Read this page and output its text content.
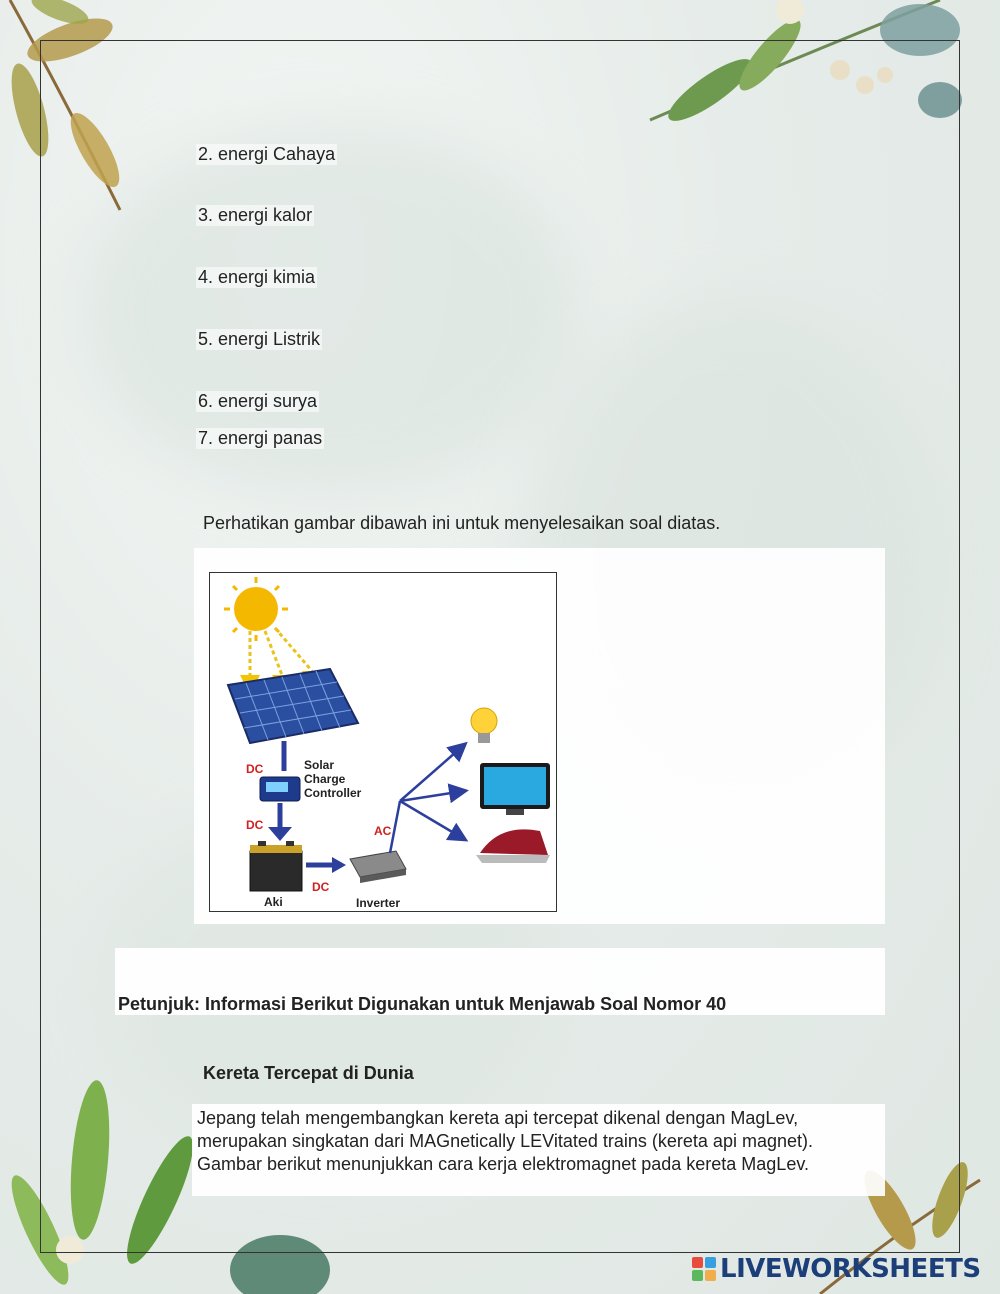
2. energi Cahaya
3. energi kalor
4. energi kimia
5. energi Listrik
6. energi surya
7. energi panas
Perhatikan gambar dibawah ini untuk menyelesaikan soal diatas.
DC	Solar
Charge
Controller
DC
Aki
DC
Inverter
AC
Petunjuk: Informasi Berikut Digunakan untuk Menjawab Soal Nomor 40
Kereta Tercepat di Dunia
Jepang telah mengembangkan kereta api tercepat dikenal dengan MagLev,
merupakan singkatan dari MAGnetically LEVitated trains (kereta api magnet).
Gambar berikut menunjukkan cara kerja elektromagnet pada kereta MagLev.
LIVEWORKSHEETS
